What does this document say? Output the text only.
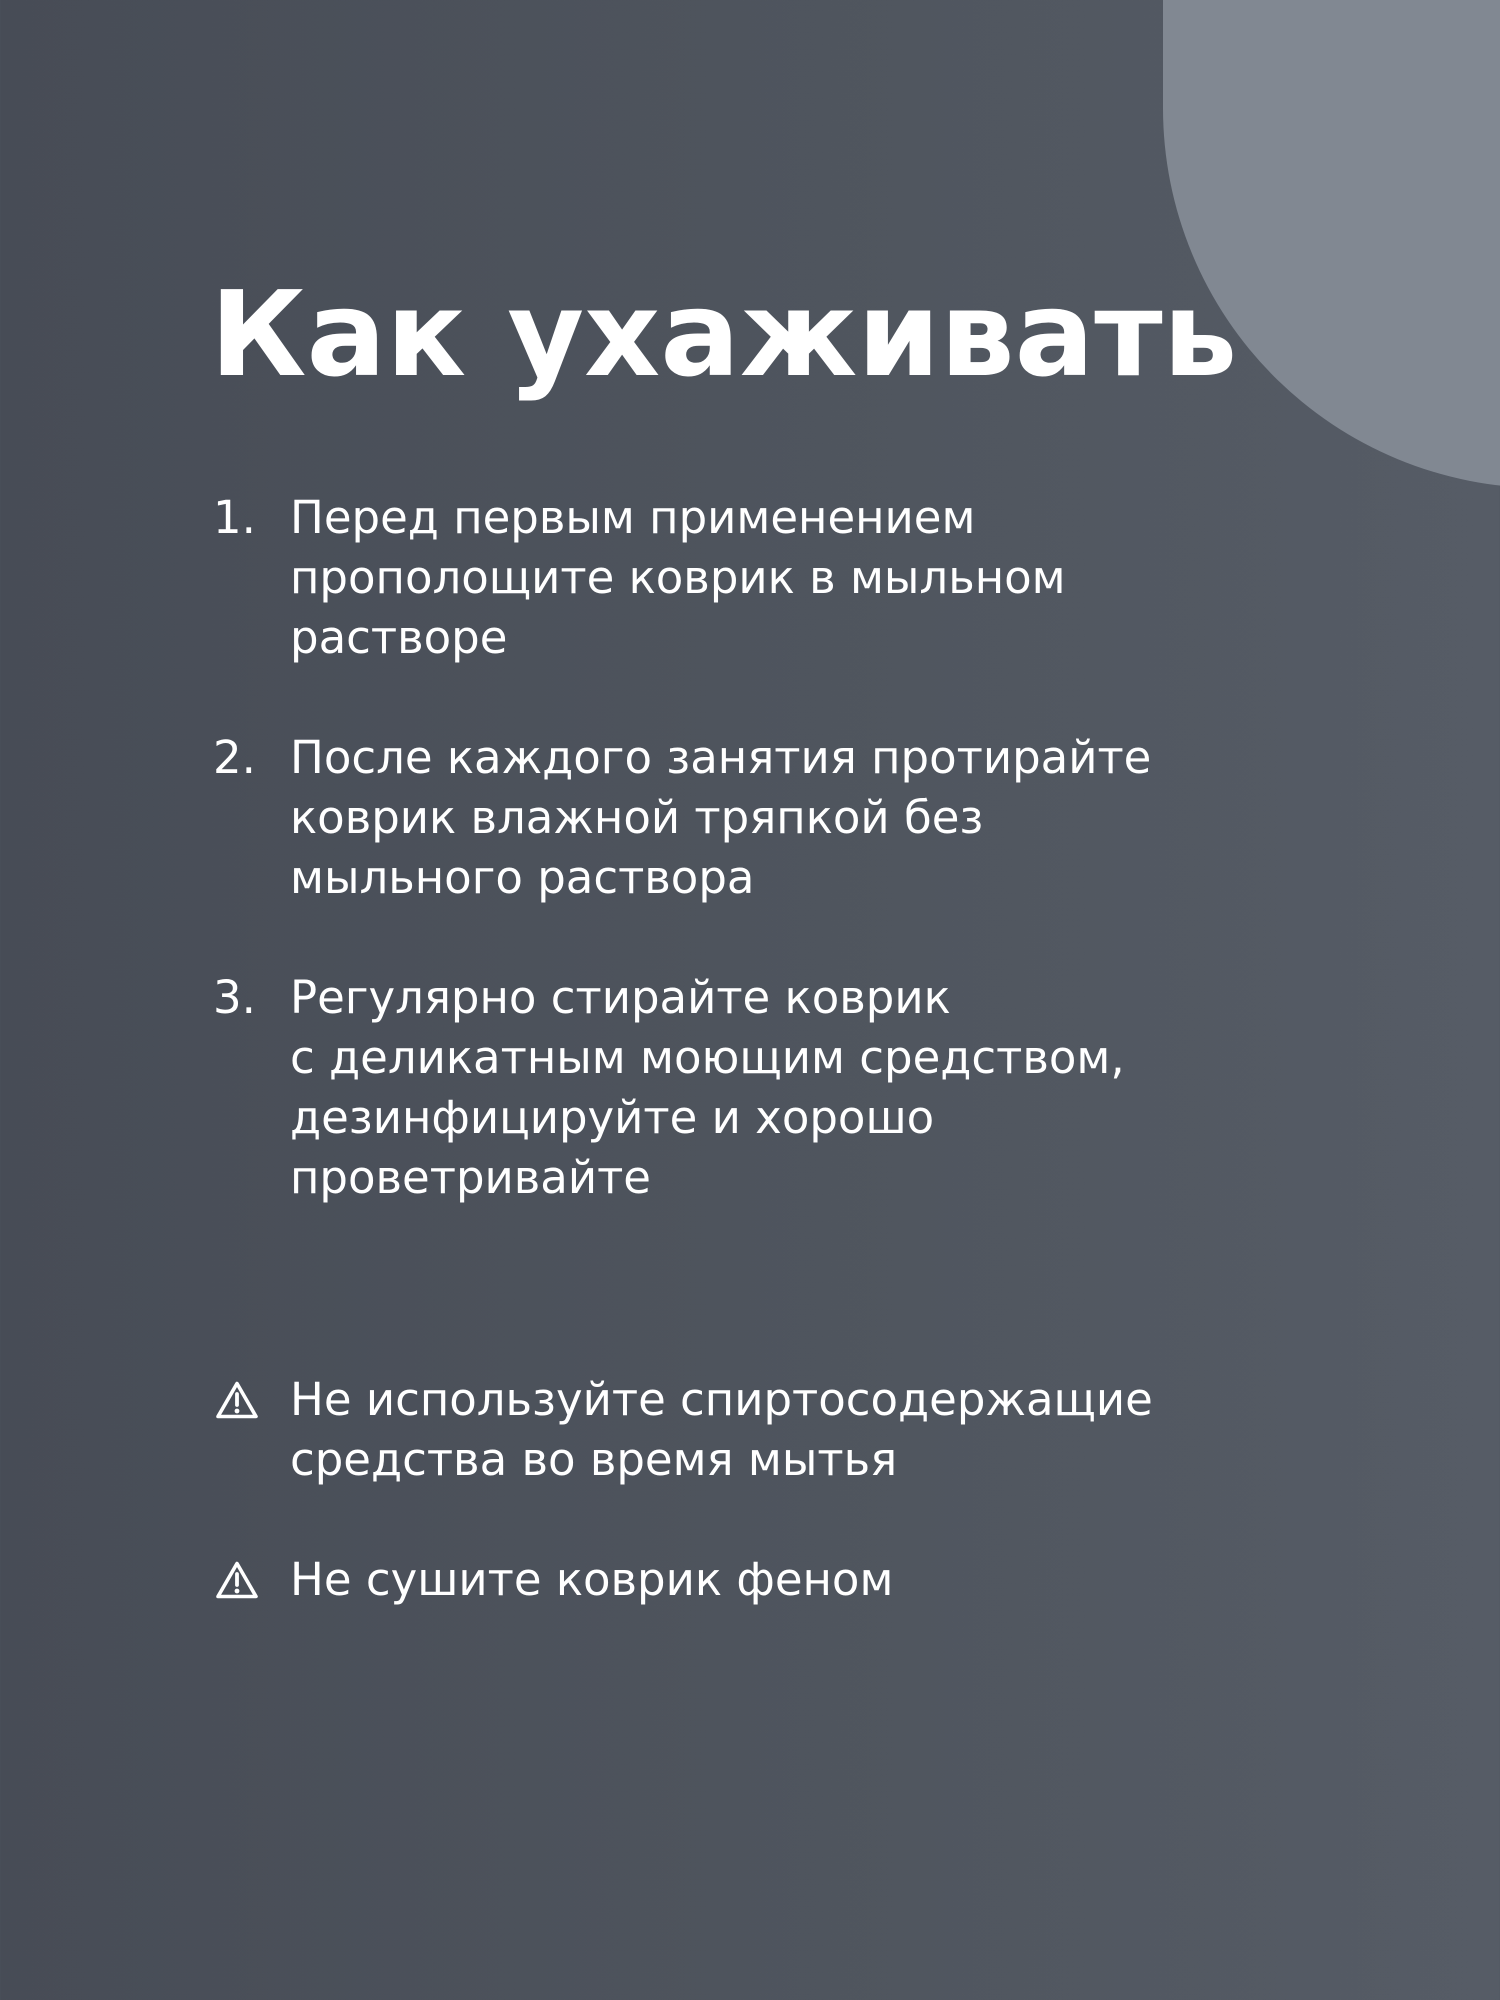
Как ухаживать
1. Перед первым применением
прополощите коврик в мыльном
растворе
2. После каждого занятия протирайте
коврик влажной тряпкой без
мыльного раствора
3. Регулярно стирайте коврик
с деликатным моющим средством,
дезинфицируйте и хорошо
проветривайте
Не используйте спиртосодержащие
средства во время мытья
Не сушите коврик феном
